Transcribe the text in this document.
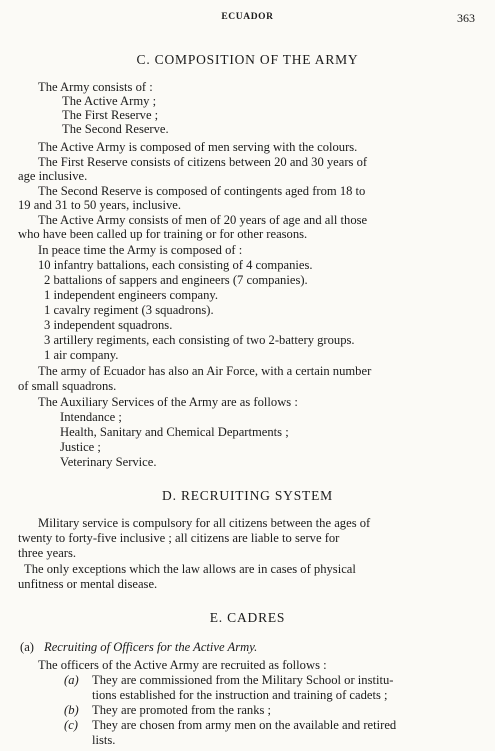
ECUADOR	363
C. COMPOSITION OF THE ARMY
The Army consists of :
The Active Army ;
The First Reserve ;
The Second Reserve.
The Active Army is composed of men serving with the colours.
The First Reserve consists of citizens between 20 and 30 years of
age inclusive.
The Second Reserve is composed of contingents aged from 18 to
19 and 31 to 50 years, inclusive.
The Active Army consists of men of 20 years of age and all those
who have been called up for training or for other reasons.
In peace time the Army is composed of :
10 infantry battalions, each consisting of 4 companies.
2 battalions of sappers and engineers (7 companies).
1 independent engineers company.
1 cavalry regiment (3 squadrons).
3 independent squadrons.
3 artillery regiments, each consisting of two 2-battery groups.
1 air company.
The army of Ecuador has also an Air Force, with a certain number
of small squadrons.
The Auxiliary Services of the Army are as follows :
Intendance ;
Health, Sanitary and Chemical Departments ;
Justice ;
Veterinary Service.
D. RECRUITING SYSTEM
Military service is compulsory for all citizens between the ages of
twenty to forty-five inclusive ; all citizens are liable to serve for
three years.
The only exceptions which the law allows are in cases of physical
unfitness or mental disease.
E. CADRES
(a) Recruiting of Officers for the Active Army.
The officers of the Active Army are recruited as follows :
(a) They are commissioned from the Military School or institu-
tions established for the instruction and training of cadets ;
(b) They are promoted from the ranks ;
(c) They are chosen from army men on the available and retired
lists.
